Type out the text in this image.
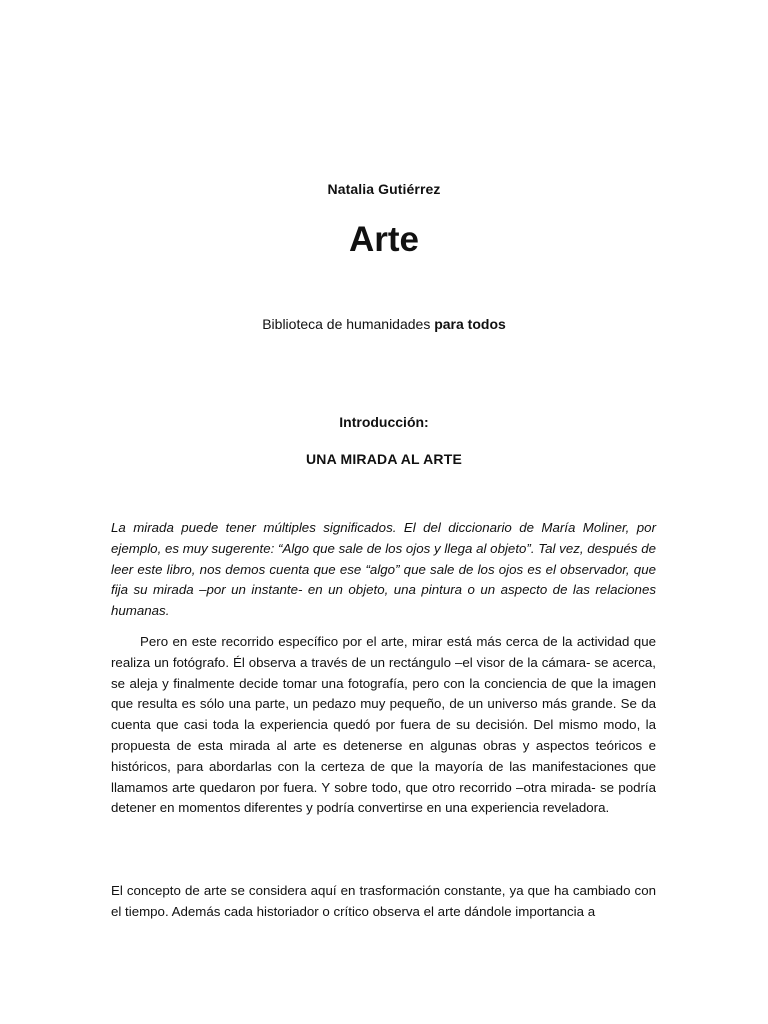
Natalia Gutiérrez
Arte
Biblioteca de humanidades para todos
Introducción:
UNA MIRADA AL ARTE

La mirada puede tener múltiples significados. El del diccionario de María Moliner, por ejemplo, es muy sugerente: “Algo que sale de los ojos y llega al objeto”. Tal vez, después de leer este libro, nos demos cuenta que ese “algo” que sale de los ojos es el observador, que fija su mirada –por un instante- en un objeto, una pintura o un aspecto de las relaciones humanas.

Pero en este recorrido específico por el arte, mirar está más cerca de la actividad que realiza un fotógrafo. Él observa a través de un rectángulo –el visor de la cámara- se acerca, se aleja y finalmente decide tomar una fotografía, pero con la conciencia de que la imagen que resulta es sólo una parte, un pedazo muy pequeño, de un universo más grande. Se da cuenta que casi toda la experiencia quedó por fuera de su decisión. Del mismo modo, la propuesta de esta mirada al arte es detenerse en algunas obras y aspectos teóricos e históricos, para abordarlas con la certeza de que la mayoría de las manifestaciones que llamamos arte quedaron por fuera. Y sobre todo, que otro recorrido –otra mirada- se podría detener en momentos diferentes y podría convertirse en una experiencia reveladora.

El concepto de arte se considera aquí en trasformación constante, ya que ha cambiado con el tiempo. Además cada historiador o crítico observa el arte dándole importancia a
